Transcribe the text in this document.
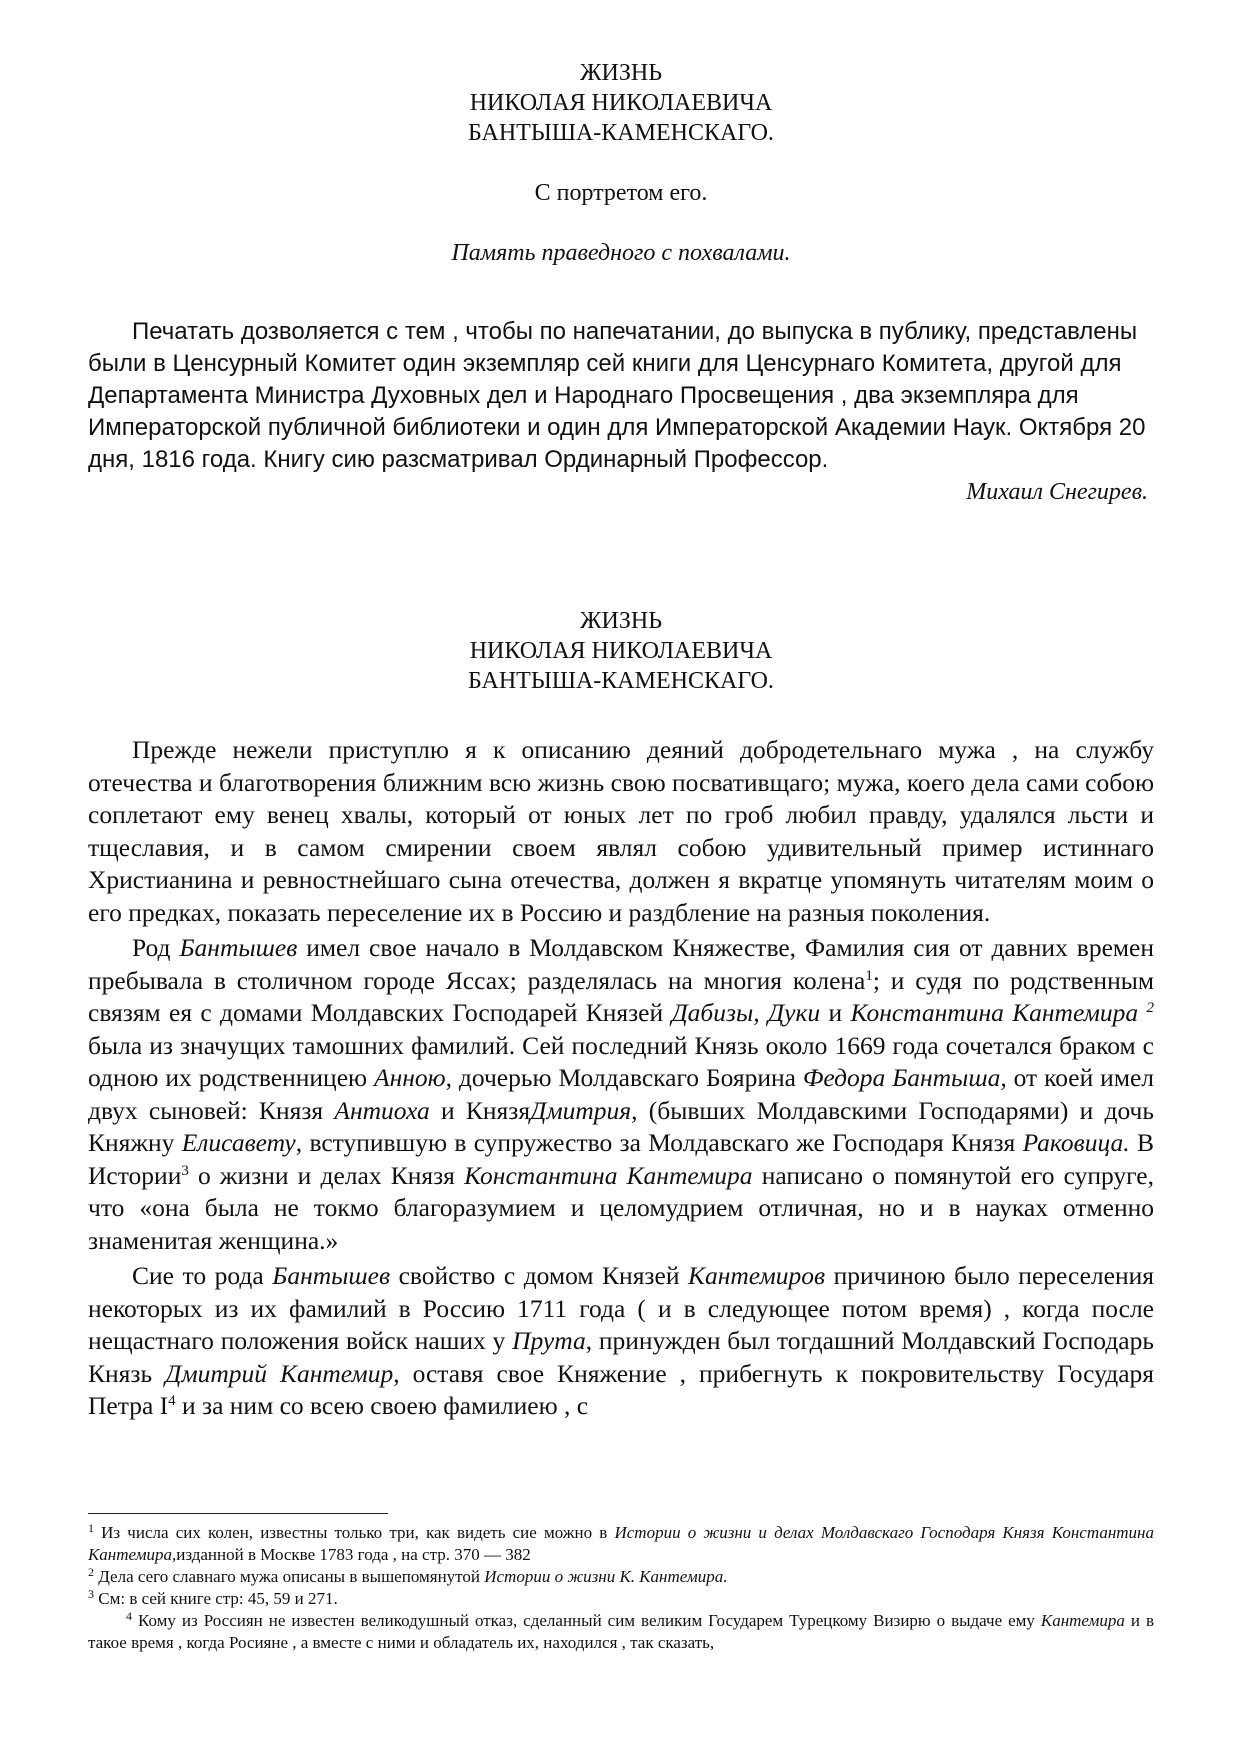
ЖИЗНЬ
НИКОЛАЯ НИКОЛАЕВИЧА
БАНТЫША-КАМЕНСКАГО.
С портретом его.
Память праведного с похвалами.

Печатать дозволяется с тем , чтобы по напечатании, до выпуска в публику, представлены были в Ценсурный Комитет один экземпляр сей книги для Ценсурнаго Комитета, другой для Департамента Министра Духовных дел и Народнаго Просвещения , два экземпляра для Императорской публичной библиотеки и один для Императорской Академии Наук. Октября 20 дня, 1816 года. Книгу сию разсматривал Ординарный Профессор.

Михаил Снегирев.
ЖИЗНЬ
НИКОЛАЯ НИКОЛАЕВИЧА
БАНТЫША-КАМЕНСКАГО.

Прежде нежели приступлю я к описанию деяний добродетельнаго мужа , на службу отечества и благотворения ближним всю жизнь свою посвативщаго; мужа, коего дела сами собою соплетают ему венец хвалы, который от юных лет по гроб любил правду, удалялся льсти и тщеславия, и в самом смирении своем являл собою удивительный пример истиннаго Христианина и ревностнейшаго сына отечества, должен я вкратце упомянуть читателям моим о его предках, показать переселение их в Россию и раздбление на разныя поколения.

Род Бантышев имел свое начало в Молдавском Княжестве, Фамилия сия от давних времен пребывала в столичном городе Яссах; разделялась на многия колена$^1$; и судя по родственным связям ея с домами Молдавских Господарей Князей Дабизы, Дуки и Константина Кантемира $^2$ была из значущих тамошних фамилий. Сей последний Князь около 1669 года сочетался браком с одною их родственницею Анною, дочерью Молдавскаго Боярина Федора Бантыша, от коей имел двух сыновей: Князя Антиоха и КнязяДмитрия, (бывших Молдавскими Господарями) и дочь Княжну Елисавету, вступившую в супружество за Молдавскаго же Господаря Князя Раковица. В Истории$^3$ о жизни и делах Князя Константина Кантемира написано о помянутой его супруге, что «она была не токмо благоразумием и целомудрием отличная, но и в науках отменно знаменитая женщина.»

Сие то рода Бантышев свойство с домом Князей Кантемиров причиною было переселения некоторых из их фамилий в Россию 1711 года ( и в следующее потом время) , когда после нещастнаго положения войск наших у Прута, принужден был тогдашний Молдавский Господарь Князь Дмитрий Кантемир, оставя свое Княжение , прибегнуть к покровительству Государя Петра $I^4$ и за ним со всею своею фамилиею , с

$^1$ Из числа сих колен, известны только три, как видеть сие можно в Истории о жизни и делах Молдавскаго Господаря Князя Константина Кантемира,изданной в Москве 1783 года , на стр. 370 — 382

$^2$ Дела сего славнаго мужа описаны в вышепомянутой Истории о жизни К. Кантемира.

$^3$ См: в сей книге стр: 45, 59 и 271.

$^4$ Кому из Россиян не известен великодушный отказ, сделанный сим великим Государем Турецкому Визирю о выдаче ему Кантемира и в такое время , когда Росияне , а вместе с ними и обладатель их, находился , так сказать,
